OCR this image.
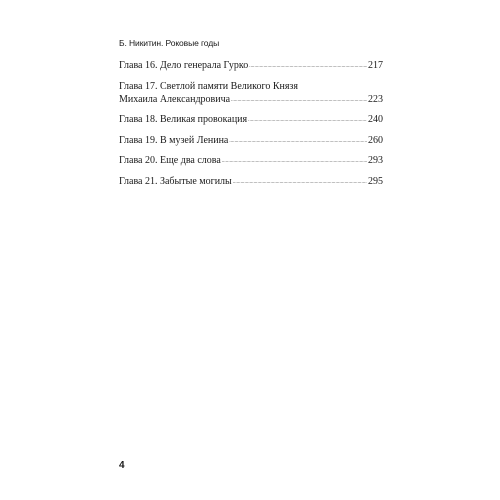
Б. Никитин. Роковые годы
Глава 16. Дело генерала Гурко . . .	217
Глава 17. Светлой памяти Великого Князя
Михаила Александровича . . .	223
Глава 18. Великая провокация . . .	240
Глава 19. В музей Ленина . . .	260
Глава 20. Еще два слова . . .	293
Глава 21. Забытые могилы . . .	295
4
